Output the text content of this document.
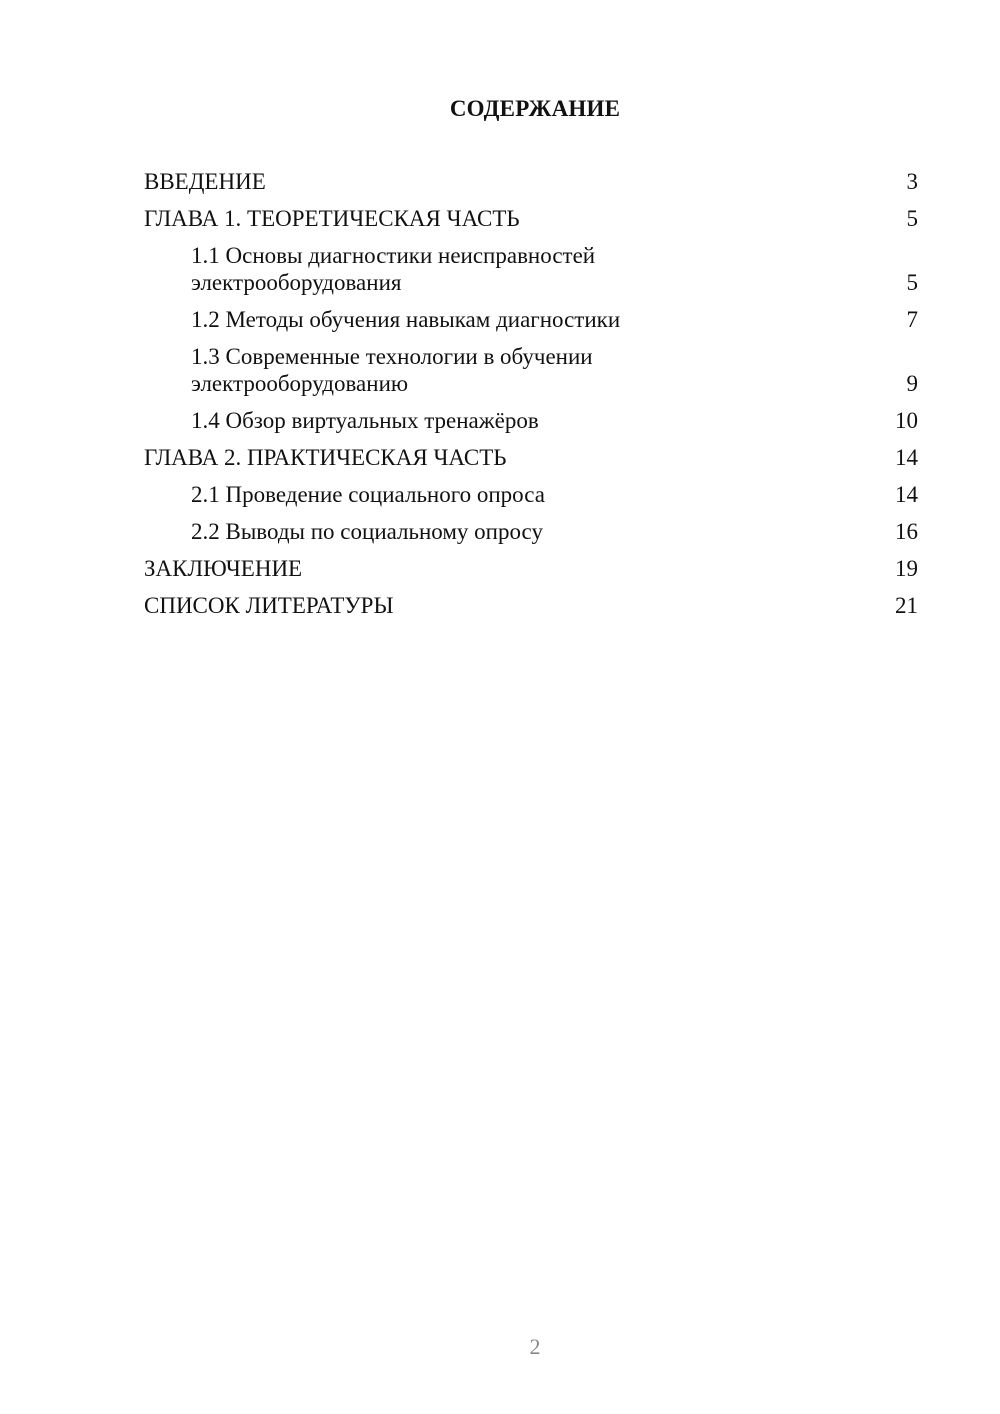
СОДЕРЖАНИЕ
ВВЕДЕНИЕ	3
ГЛАВА 1. ТЕОРЕТИЧЕСКАЯ ЧАСТЬ	5
1.1 Основы диагностики неисправностей электрооборудования	5
1.2 Методы обучения навыкам диагностики	7
1.3 Современные технологии в обучении электрооборудованию	9
1.4 Обзор виртуальных тренажёров	10
ГЛАВА 2. ПРАКТИЧЕСКАЯ ЧАСТЬ	14
2.1 Проведение социального опроса	14
2.2 Выводы по социальному опросу	16
ЗАКЛЮЧЕНИЕ	19
СПИСОК ЛИТЕРАТУРЫ	21
2
